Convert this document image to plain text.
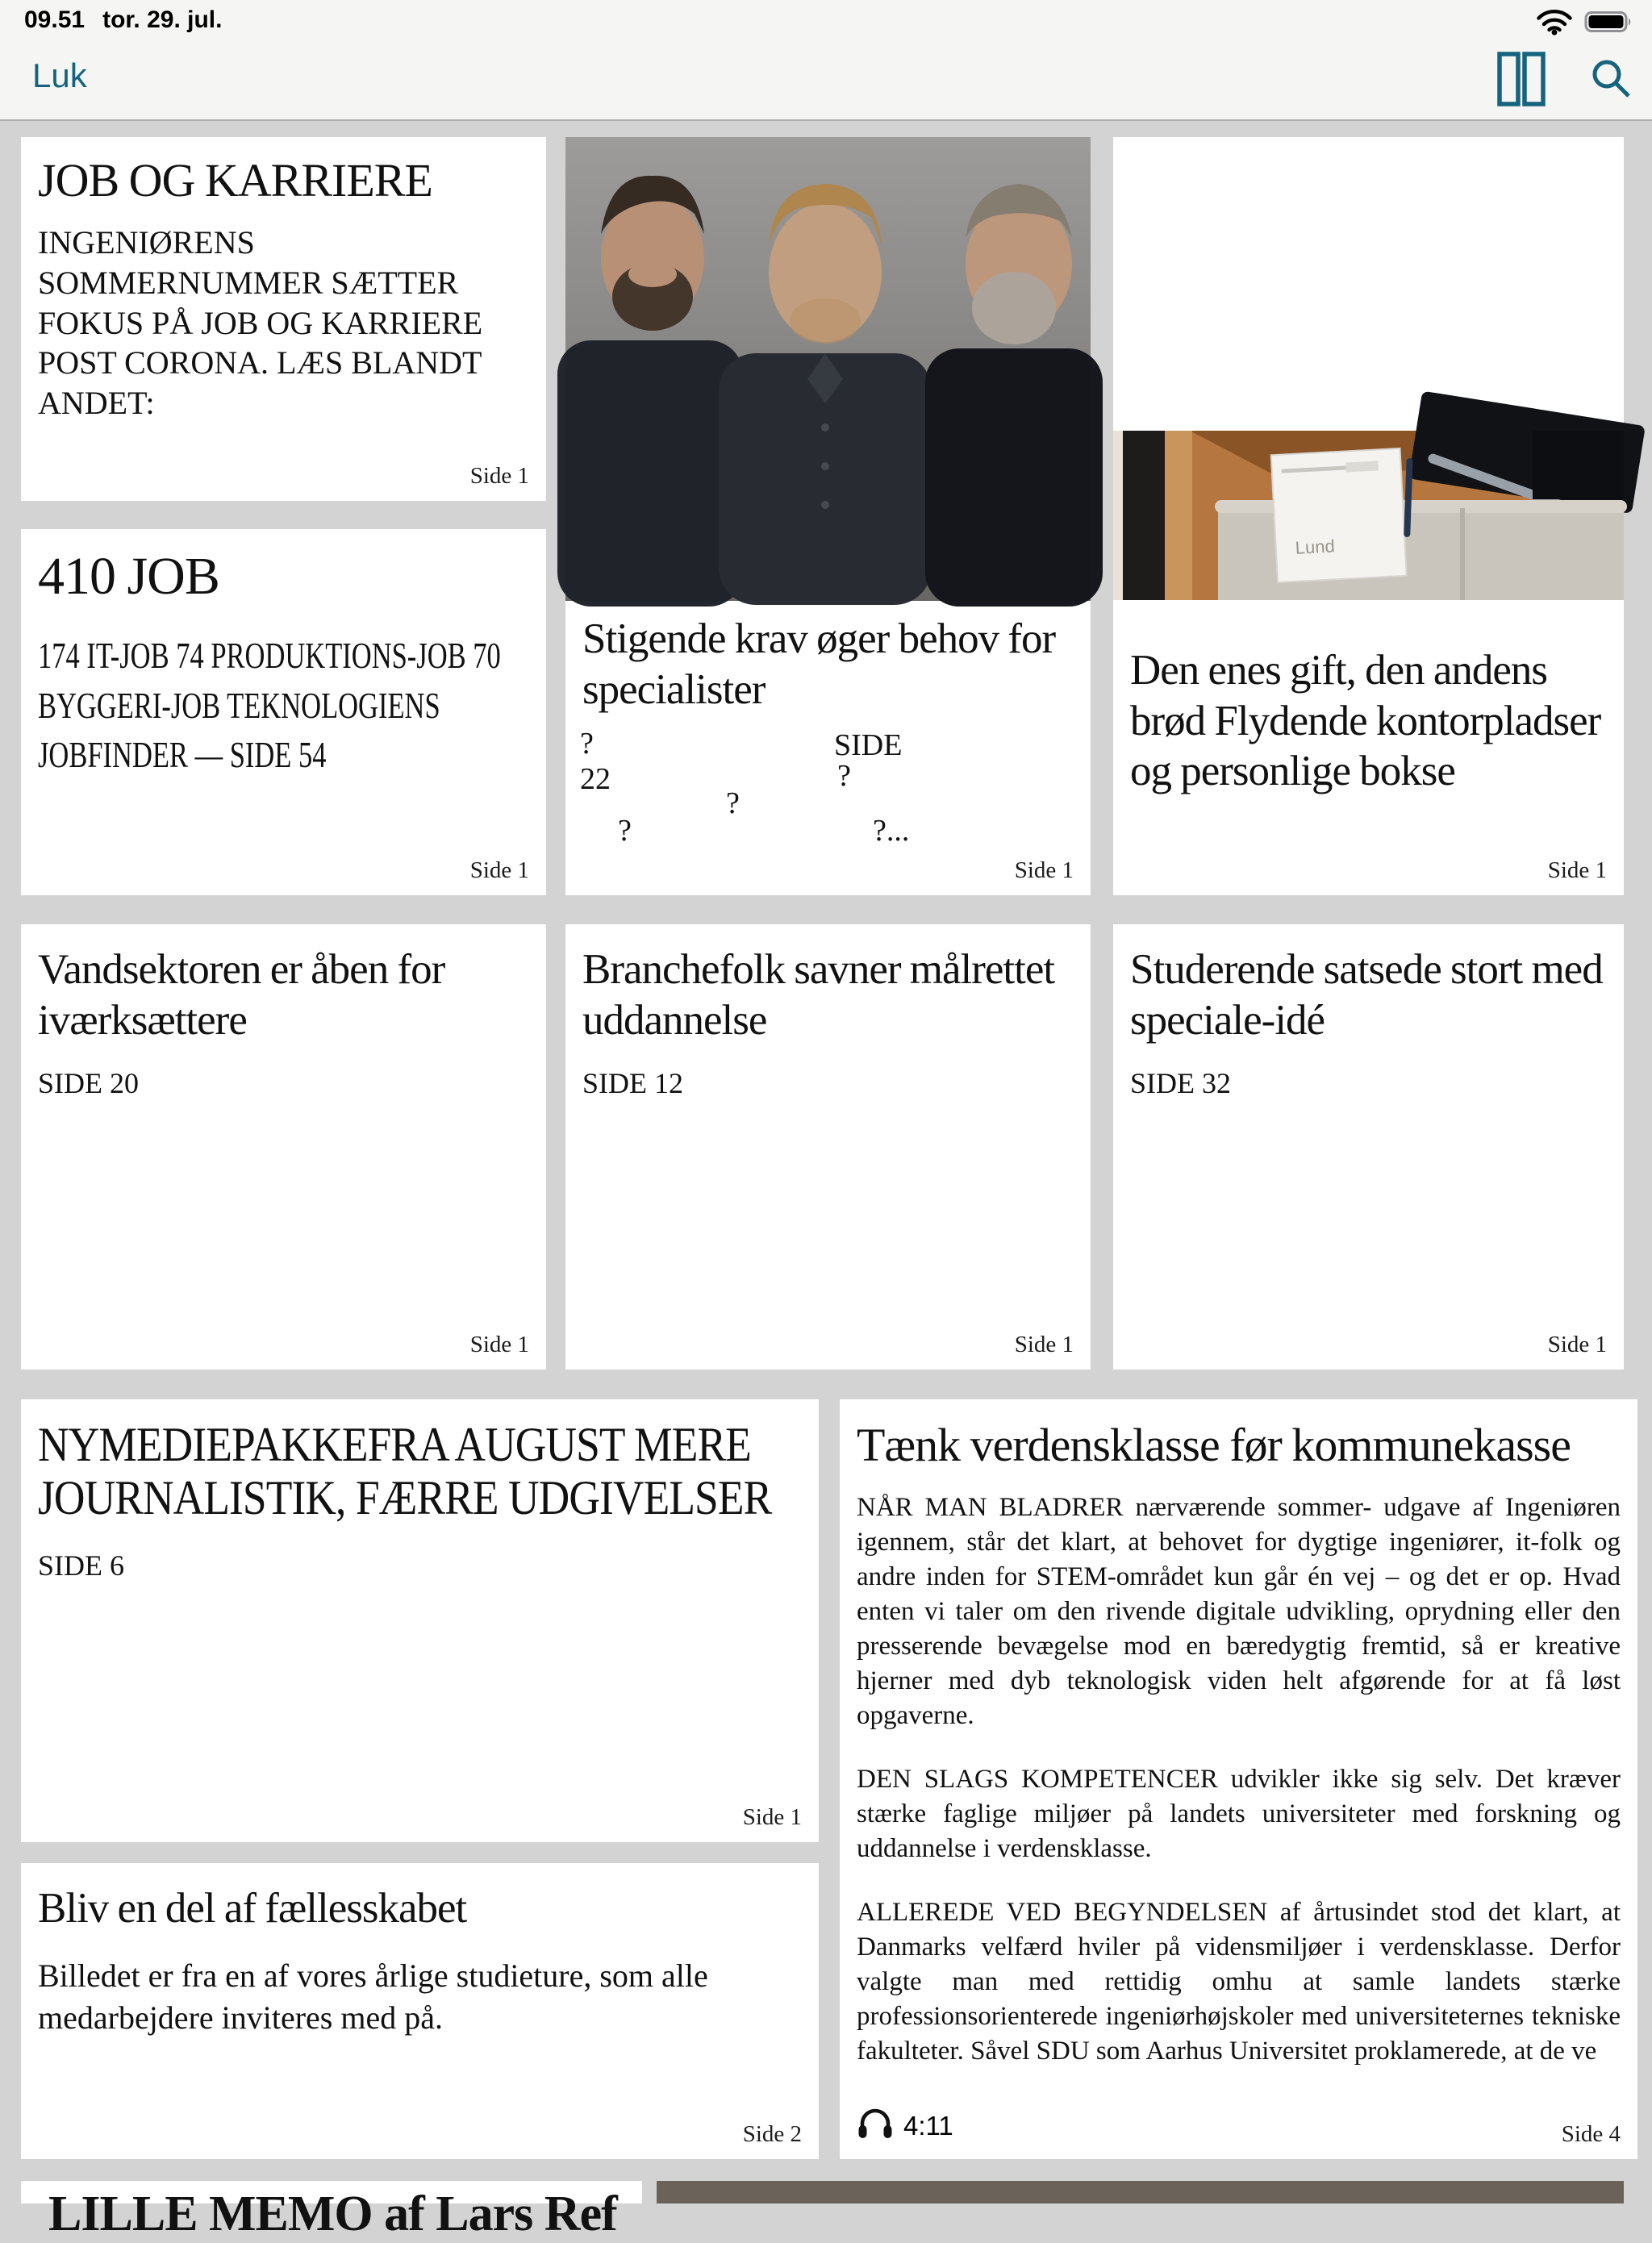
09.51 tor. 29. jul.
Luk
JOB OG KARRIERE

INGENIØRENS SOMMERNUMMER SÆTTER FOKUS PÅ JOB OG KARRIERE POST CORONA. LÆS BLANDT ANDET:

Side 1
Stigende krav øger behov for specialister
?	SIDE
22	?
?
?	?...
Side 1
Lund
Den enes gift, den andens brød Flydende kontorpladser og personlige bokse
Side 1
410 JOB
174 IT-JOB 74 PRODUKTIONS-JOB 70 BYGGERI-JOB TEKNOLOGIENS JOBFINDER — SIDE 54
Side 1
Vandsektoren er åben for iværksættere

SIDE 20

Side 1
Branchefolk savner målrettet uddannelse

SIDE 12

Side 1
Studerende satsede stort med speciale-idé

SIDE 32

Side 1
NYMEDIEPAKKEFRA AUGUST MERE JOURNALISTIK, FÆRRE UDGIVELSER

SIDE 6

Side 1
Tænk verdensklasse før kommunekasse

NÅR MAN BLADRER nærværende sommer- udgave af Ingeniøren igennem, står det klart, at behovet for dygtige ingeniører, it-folk og andre inden for STEM-området kun går én vej – og det er op. Hvad enten vi taler om den rivende digitale udvikling, oprydning eller den presserende bevægelse mod en bæredygtig fremtid, så er kreative hjerner med dyb teknologisk viden helt afgørende for at få løst opgaverne.

DEN SLAGS KOMPETENCER udvikler ikke sig selv. Det kræver stærke faglige miljøer på landets universiteter med forskning og uddannelse i verdensklasse.

ALLEREDE VED BEGYNDELSEN af årtusindet stod det klart, at Danmarks velfærd hviler på vidensmiljøer i verdensklasse. Derfor valgte man med rettidig omhu at samle landets stærke professionsorienterede ingeniørhøjskoler med universiteternes tekniske fakulteter. Såvel SDU som Aarhus Universitet proklamerede, at de ve

4:11	Side 4
Bliv en del af fællesskabet

Billedet er fra en af vores årlige studieture, som alle medarbejdere inviteres med på.

Side 2
LILLE MEMO af Lars Ref
